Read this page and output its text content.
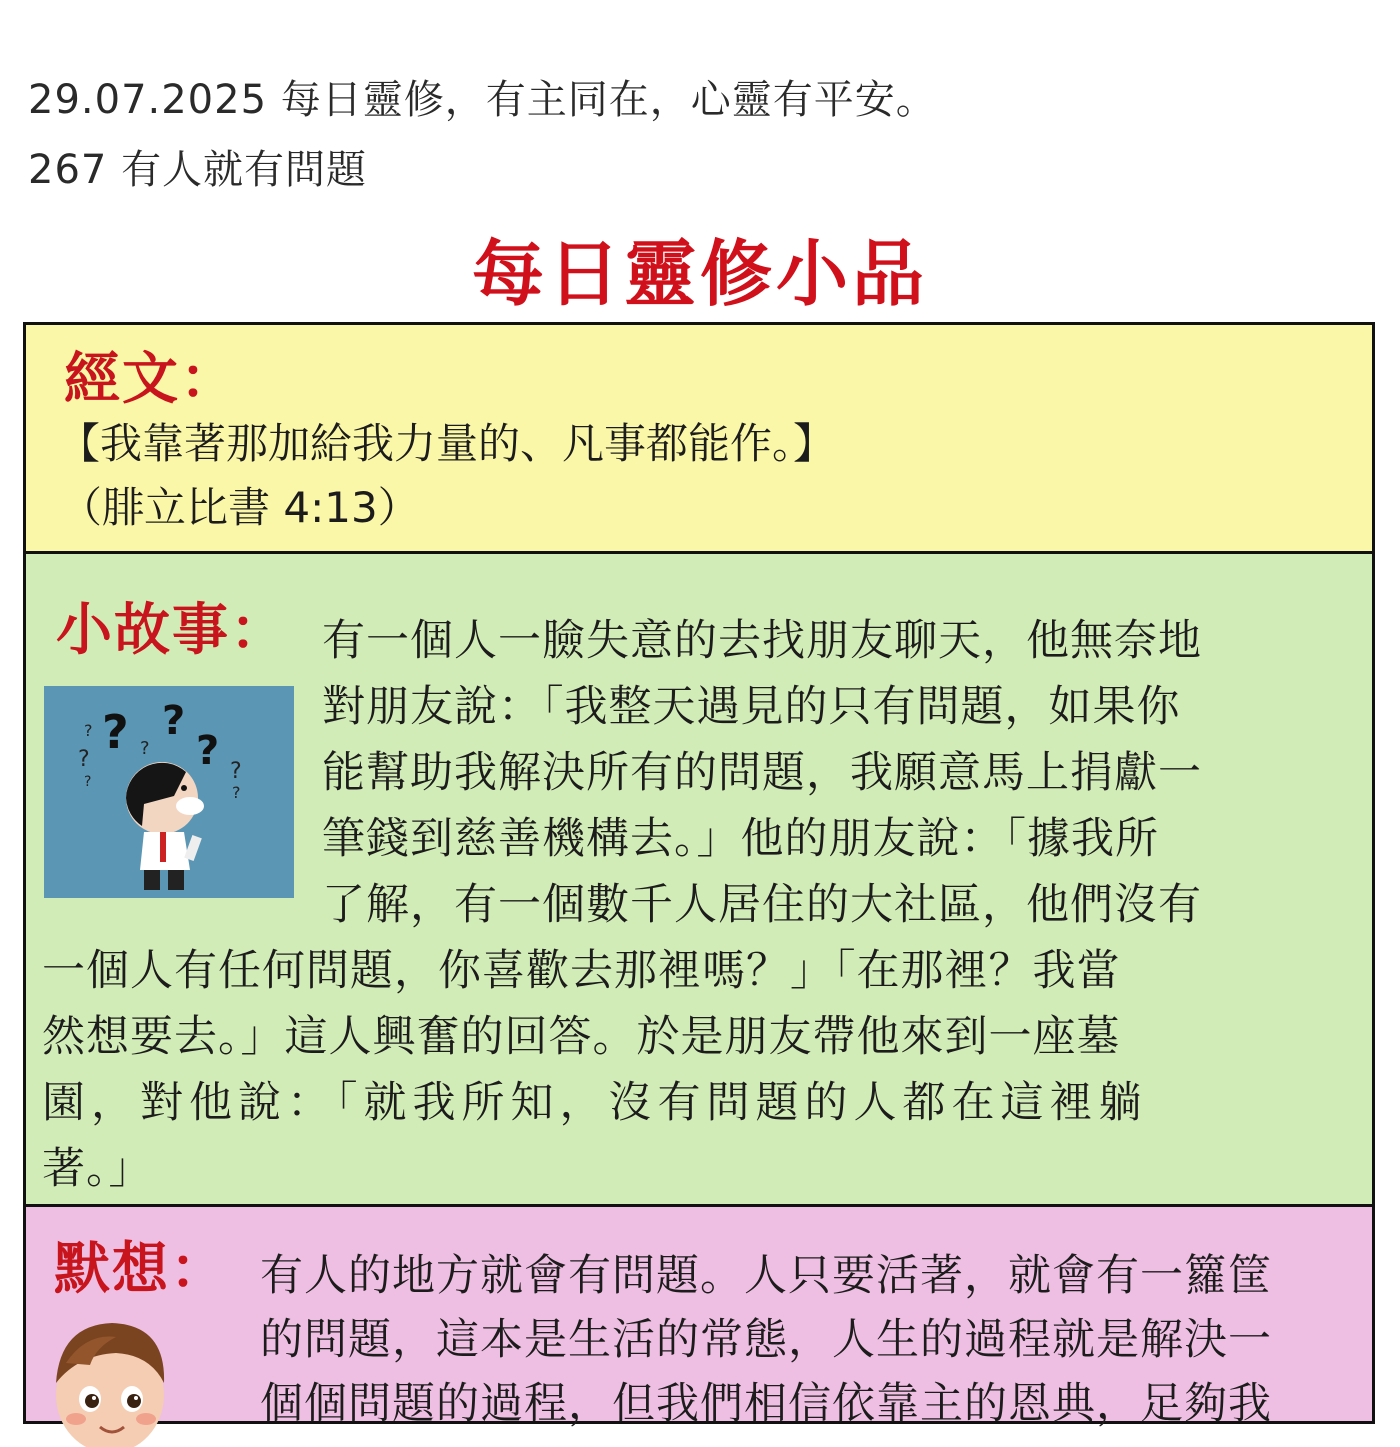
29.07.2025 每日靈修，有主同在，心靈有平安。
267 有人就有問題
每日靈修小品
經文：
【我靠著那加給我力量的、凡事都能作。】
（腓立比書 4:13）
小故事：
? ?
?
?
?
?
?
?
?
有一個人一臉失意的去找朋友聊天，他無奈地
對朋友說：「我整天遇見的只有問題，如果你
能幫助我解決所有的問題，我願意馬上捐獻一
筆錢到慈善機構去。」他的朋友說：「據我所
了解，有一個數千人居住的大社區，他們沒有
一個人有任何問題，你喜歡去那裡嗎？」「在那裡？我當
然想要去。」這人興奮的回答。於是朋友帶他來到一座墓
園，對他說：「就我所知，沒有問題的人都在這裡躺
著。」
默想： 有人的地方就會有問題。人只要活著，就會有一籮筐
的問題，這本是生活的常態，人生的過程就是解決一
個個問題的過程，但我們相信依靠主的恩典，足夠我
